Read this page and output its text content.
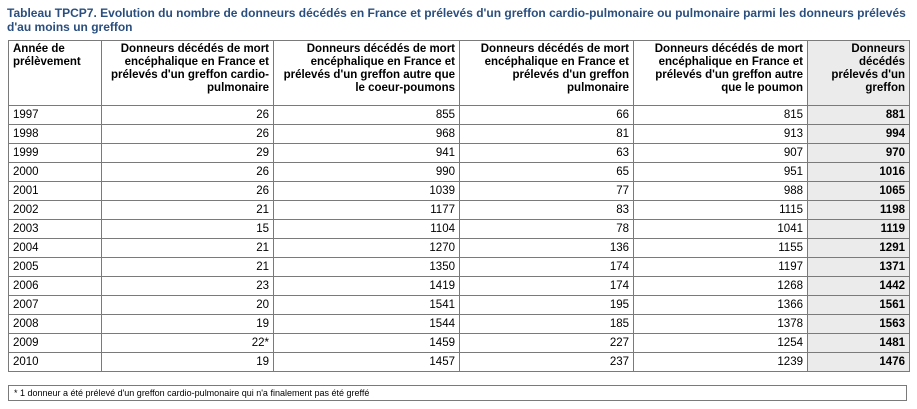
Tableau TPCP7. Evolution du nombre de donneurs décédés en France et prélevés d'un greffon cardio-pulmonaire ou pulmonaire parmi les donneurs prélevés d'au moins un greffon
Année de prélèvement	Donneurs décédés de mort encéphalique en France et prélevés d'un greffon cardio-pulmonaire	Donneurs décédés de mort encéphalique en France et prélevés d'un greffon autre que le coeur-poumons	Donneurs décédés de mort encéphalique en France et prélevés d'un greffon pulmonaire	Donneurs décédés de mort encéphalique en France et prélevés d'un greffon autre que le poumon	Donneurs décédés prélevés d'un greffon
1997	26	855	66	815	881
1998	26	968	81	913	994
1999	29	941	63	907	970
2000	26	990	65	951	1016
2001	26	1039	77	988	1065
2002	21	1177	83	1115	1198
2003	15	1104	78	1041	1119
2004	21	1270	136	1155	1291
2005	21	1350	174	1197	1371
2006	23	1419	174	1268	1442
2007	20	1541	195	1366	1561
2008	19	1544	185	1378	1563
2009	22*	1459	227	1254	1481
2010	19	1457	237	1239	1476
* 1 donneur a été prélevé d'un greffon cardio-pulmonaire qui n'a finalement pas été greffé
